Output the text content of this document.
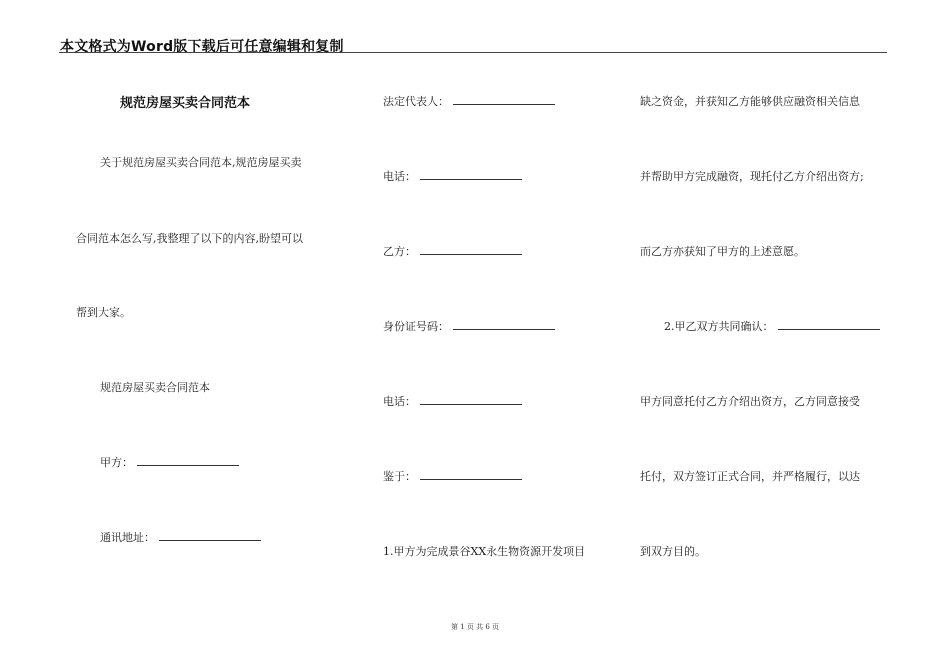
本文格式为Word版下载后可任意编辑和复制
规范房屋买卖合同范本
关于规范房屋买卖合同范本,规范房屋买卖
合同范本怎么写,我整理了以下的内容,盼望可以
帮到大家。
规范房屋买卖合同范本
甲方：
通讯地址：
法定代表人：
电话：
乙方：
身份证号码：
电话：
鉴于：
1.甲方为完成景谷XX永生物资源开发项目
缺之资金，并获知乙方能够供应融资相关信息
并帮助甲方完成融资，现托付乙方介绍出资方;
而乙方亦获知了甲方的上述意愿。
2.甲乙双方共同确认：
甲方同意托付乙方介绍出资方，乙方同意接受
托付，双方签订正式合同，并严格履行，以达
到双方目的。
第 1 页 共 6 页
